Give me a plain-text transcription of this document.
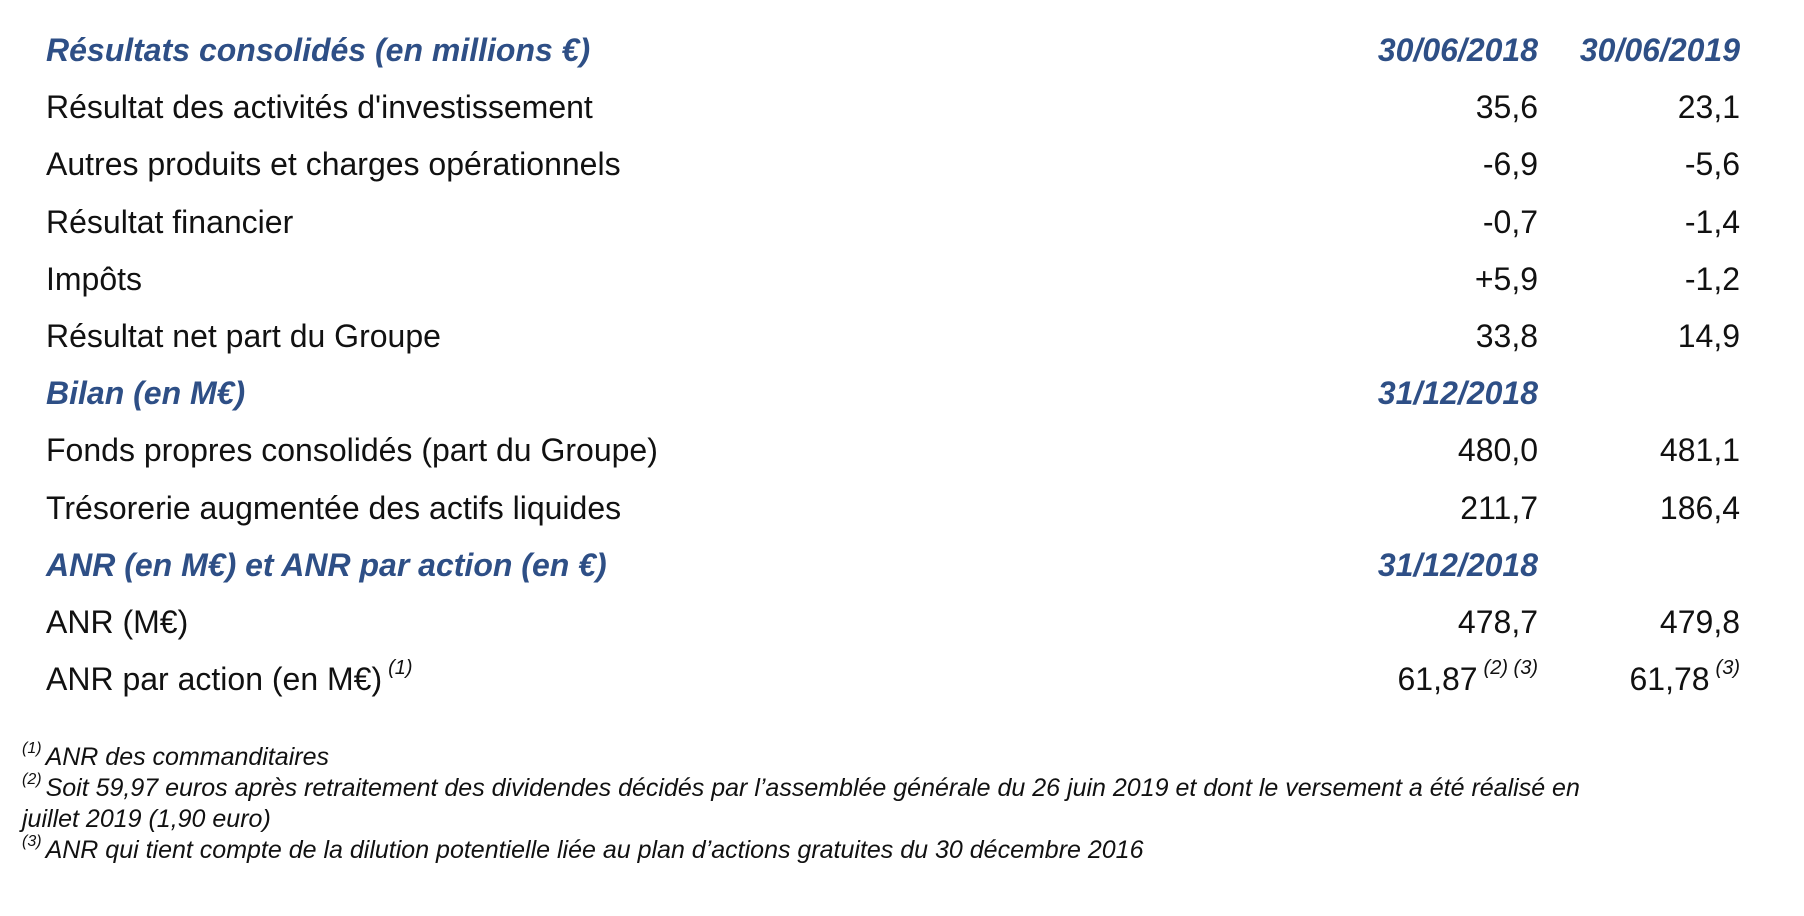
Résultats consolidés (en millions €)	30/06/2018 30/06/2019
Résultat des activités d'investissement	35,6	23,1
Autres produits et charges opérationnels	-6,9	-5,6
Résultat financier	-0,7	-1,4
Impôts	+5,9	-1,2
Résultat net part du Groupe	33,8	14,9
Bilan (en M€)	31/12/2018
Fonds propres consolidés (part du Groupe)	480,0	481,1
Trésorerie augmentée des actifs liquides	211,7	186,4
ANR (en M€) et ANR par action (en €)	31/12/2018
ANR (M€)	478,7	479,8
ANR par action (en M€) $^{(1)}$	61,87 $^{(2) (3)}$	61,78 $^{(3)}$
$^{(1)}$ ANR des commanditaires
$^{(2)}$ Soit 59,97 euros après retraitement des dividendes décidés par l’assemblée générale du 26 juin 2019 et dont le versement a été réalisé en
juillet 2019 (1,90 euro)
$^{(3)}$ ANR qui tient compte de la dilution potentielle liée au plan d’actions gratuites du 30 décembre 2016
